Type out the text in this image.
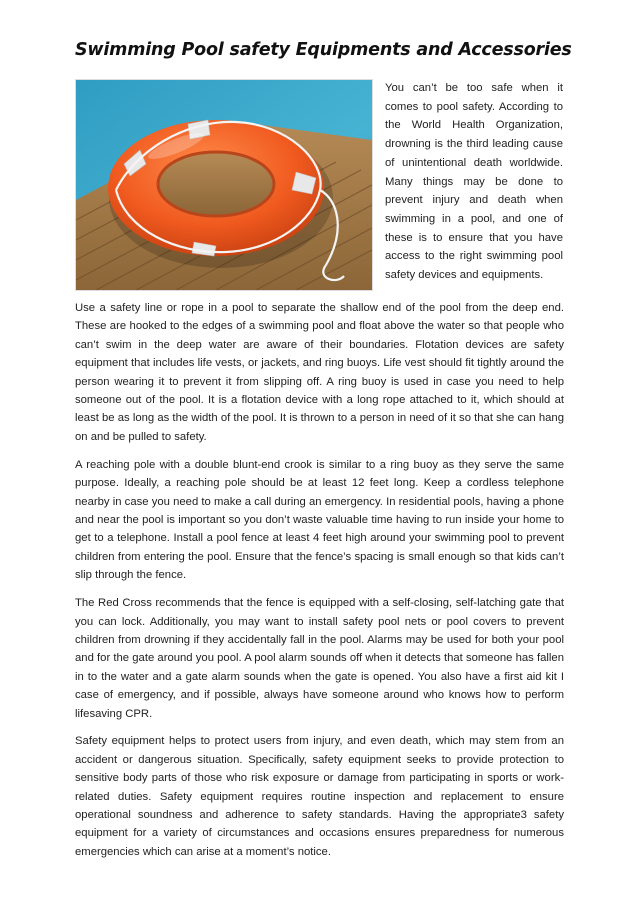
Swimming Pool safety Equipments and Accessories
You can’t be too safe when it comes to pool safety. According to the World Health Organization, drowning is the third leading cause of unintentional death worldwide. Many things may be done to prevent injury and death when swimming in a pool, and one of these is to ensure that you have access to the right swimming pool safety devices and equipments.

Use a safety line or rope in a pool to separate the shallow end of the pool from the deep end. These are hooked to the edges of a swimming pool and float above the water so that people who can’t swim in the deep water are aware of their boundaries. Flotation devices are safety equipment that includes life vests, or jackets, and ring buoys. Life vest should fit tightly around the person wearing it to prevent it from slipping off. A ring buoy is used in case you need to help someone out of the pool. It is a flotation device with a long rope attached to it, which should at least be as long as the width of the pool. It is thrown to a person in need of it so that she can hang on and be pulled to safety.

A reaching pole with a double blunt-end crook is similar to a ring buoy as they serve the same purpose. Ideally, a reaching pole should be at least 12 feet long. Keep a cordless telephone nearby in case you need to make a call during an emergency. In residential pools, having a phone and near the pool is important so you don’t waste valuable time having to run inside your home to get to a telephone. Install a pool fence at least 4 feet high around your swimming pool to prevent children from entering the pool. Ensure that the fence’s spacing is small enough so that kids can’t slip through the fence.

The Red Cross recommends that the fence is equipped with a self-closing, self-latching gate that you can lock. Additionally, you may want to install safety pool nets or pool covers to prevent children from drowning if they accidentally fall in the pool. Alarms may be used for both your pool and for the gate around you pool. A pool alarm sounds off when it detects that someone has fallen in to the water and a gate alarm sounds when the gate is opened. You also have a first aid kit I case of emergency, and if possible, always have someone around who knows how to perform lifesaving CPR.

Safety equipment helps to protect users from injury, and even death, which may stem from an accident or dangerous situation. Specifically, safety equipment seeks to provide protection to sensitive body parts of those who risk exposure or damage from participating in sports or work-related duties. Safety equipment requires routine inspection and replacement to ensure operational soundness and adherence to safety standards. Having the appropriate3 safety equipment for a variety of circumstances and occasions ensures preparedness for numerous emergencies which can arise at a moment’s notice.
